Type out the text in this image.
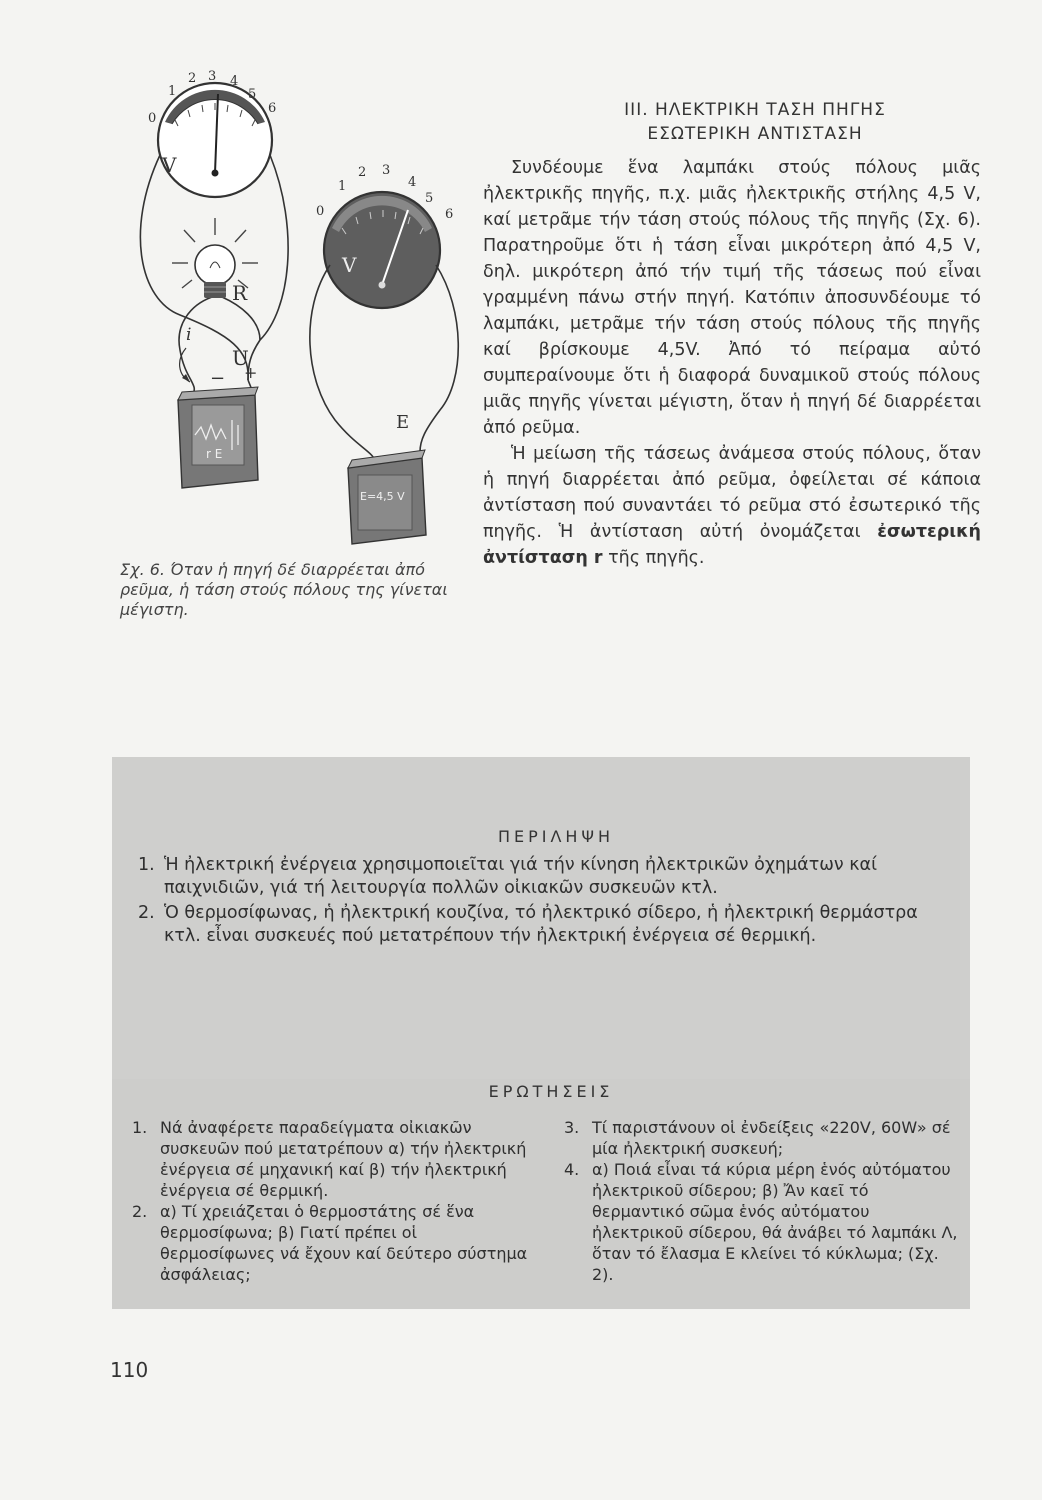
V
0
1
2 3 4
5
6
R
i
U
− +
r E
V
0
1
2 3
4
5
6
E
E=4,5 V
Σχ. 6. Όταν ἡ πηγή δέ διαρρέεται ἀπό ρεῦμα, ἡ τάση στούς πόλους της γίνεται μέγιστη.
ΙΙΙ. ΗΛΕΚΤΡΙΚΗ ΤΑΣΗ ΠΗΓΗΣ
ΕΣΩΤΕΡΙΚΗ ΑΝΤΙΣΤΑΣΗ

Συνδέουμε ἕνα λαμπάκι στούς πόλους μιᾶς ἠλεκτρικῆς πηγῆς, π.χ. μιᾶς ἠλεκτρικῆς στήλης 4,5 V, καί μετρᾶμε τήν τάση στούς πόλους τῆς πηγῆς (Σχ. 6). Παρατηροῦμε ὅτι ἡ τάση εἶναι μικρότερη ἀπό 4,5 V, δηλ. μικρότερη ἀπό τήν τιμή τῆς τάσεως πού εἶναι γραμμένη πάνω στήν πηγή. Κατόπιν ἀποσυνδέουμε τό λαμπάκι, μετρᾶμε τήν τάση στούς πόλους τῆς πηγῆς καί βρίσκουμε 4,5V. Ἀπό τό πείραμα αὐτό συμπεραίνουμε ὅτι ἡ διαφορά δυναμικοῦ στούς πόλους μιᾶς πηγῆς γίνεται μέγιστη, ὅταν ἡ πηγή δέ διαρρέεται ἀπό ρεῦμα.

Ἡ μείωση τῆς τάσεως ἀνάμεσα στούς πόλους, ὅταν ἡ πηγή διαρρέεται ἀπό ρεῦμα, ὀφείλεται σέ κάποια ἀντίσταση πού συναντάει τό ρεῦμα στό ἐσωτερικό τῆς πηγῆς. Ἡ ἀντίσταση αὐτή ὀνομάζεται ἐσωτερική ἀντίσταση r τῆς πηγῆς.

ΠΕΡΙΛΗΨΗ
1. Ἡ ἠλεκτρική ἐνέργεια χρησιμοποιεῖται γιά τήν κίνηση ἠλεκτρικῶν ὀχημάτων καί παιχνιδιῶν, γιά τή λειτουργία πολλῶν οἰκιακῶν συσκευῶν κτλ.
2. Ὁ θερμοσίφωνας, ἡ ἠλεκτρική κουζίνα, τό ἠλεκτρικό σίδερο, ἡ ἠλεκτρική θερμάστρα κτλ. εἶναι συσκευές πού μετατρέπουν τήν ἠλεκτρική ἐνέργεια σέ θερμική.
ΕΡΩΤΗΣΕΙΣ
1. Νά ἀναφέρετε παραδείγματα οἰκιακῶν συσκευῶν πού μετατρέπουν α) τήν ἠλεκτρική ἐνέργεια σέ μηχανική καί β) τήν ἠλεκτρική ἐνέργεια σέ θερμική.
2. α) Τί χρειάζεται ὁ θερμοστάτης σέ ἕνα θερμοσίφωνα; β) Γιατί πρέπει οἱ θερμοσίφωνες νά ἔχουν καί δεύτερο σύστημα ἀσφάλειας;
3. Τί παριστάνουν οἱ ἐνδείξεις «220V, 60W» σέ μία ἠλεκτρική συσκευή;
4. α) Ποιά εἶναι τά κύρια μέρη ἑνός αὐτόματου ἠλεκτρικοῦ σίδερου; β) Ἄν καεῖ τό θερμαντικό σῶμα ἑνός αὐτόματου ἠλεκτρικοῦ σίδερου, θά ἀνάβει τό λαμπάκι Λ, ὅταν τό ἔλασμα Ε κλείνει τό κύκλωμα; (Σχ. 2).
110
